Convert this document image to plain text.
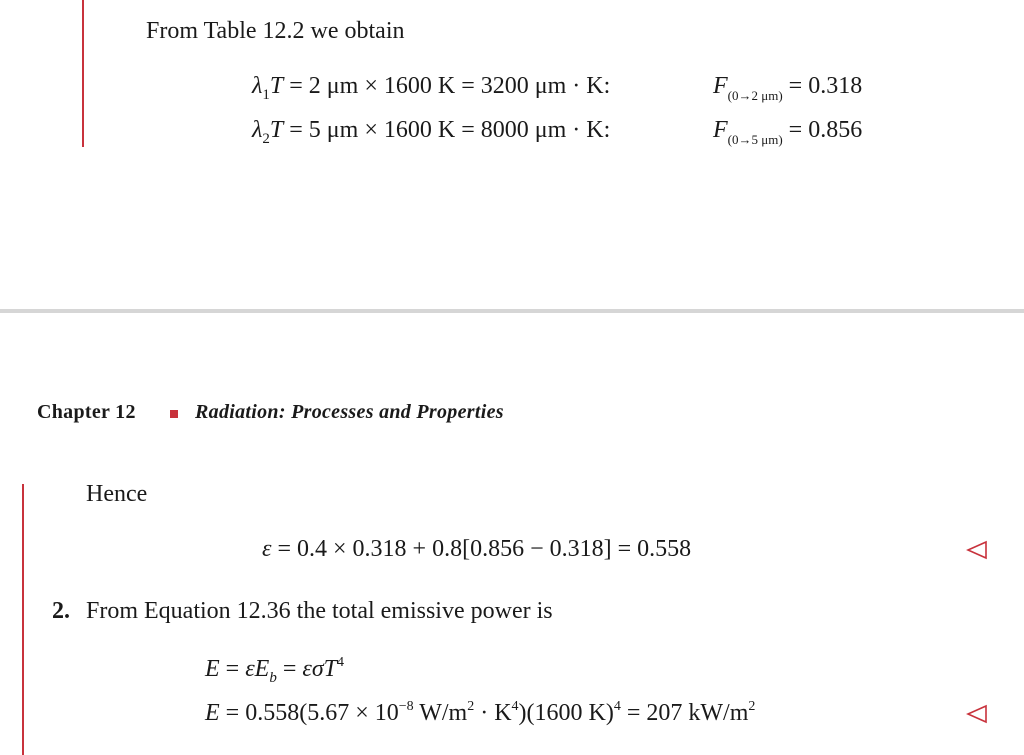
From Table 12.2 we obtain
$\lambda_1T = 2$ μm × 1600 K = 3200 μm · K:	$F_{(0\to 2 \mu m)} = 0.318$
$\lambda_2T = 5$ μm × 1600 K = 8000 μm · K:	$F_{(0\to 5 \mu m)} = 0.856$
Chapter 12	Radiation: Processes and Properties
Hence
ε = 0.4 × 0.318 + 0.8[0.856 − 0.318] = 0.558
2. From Equation 12.36 the total emissive power is
$E = \varepsilon E_b = \varepsilon\sigma T^4$
$E = 0.558(5.67 \times 10^{-8}$ $W/m^2 \cdot K^4)(1600$ K)$^4$ = 207 $kW/m^2$
